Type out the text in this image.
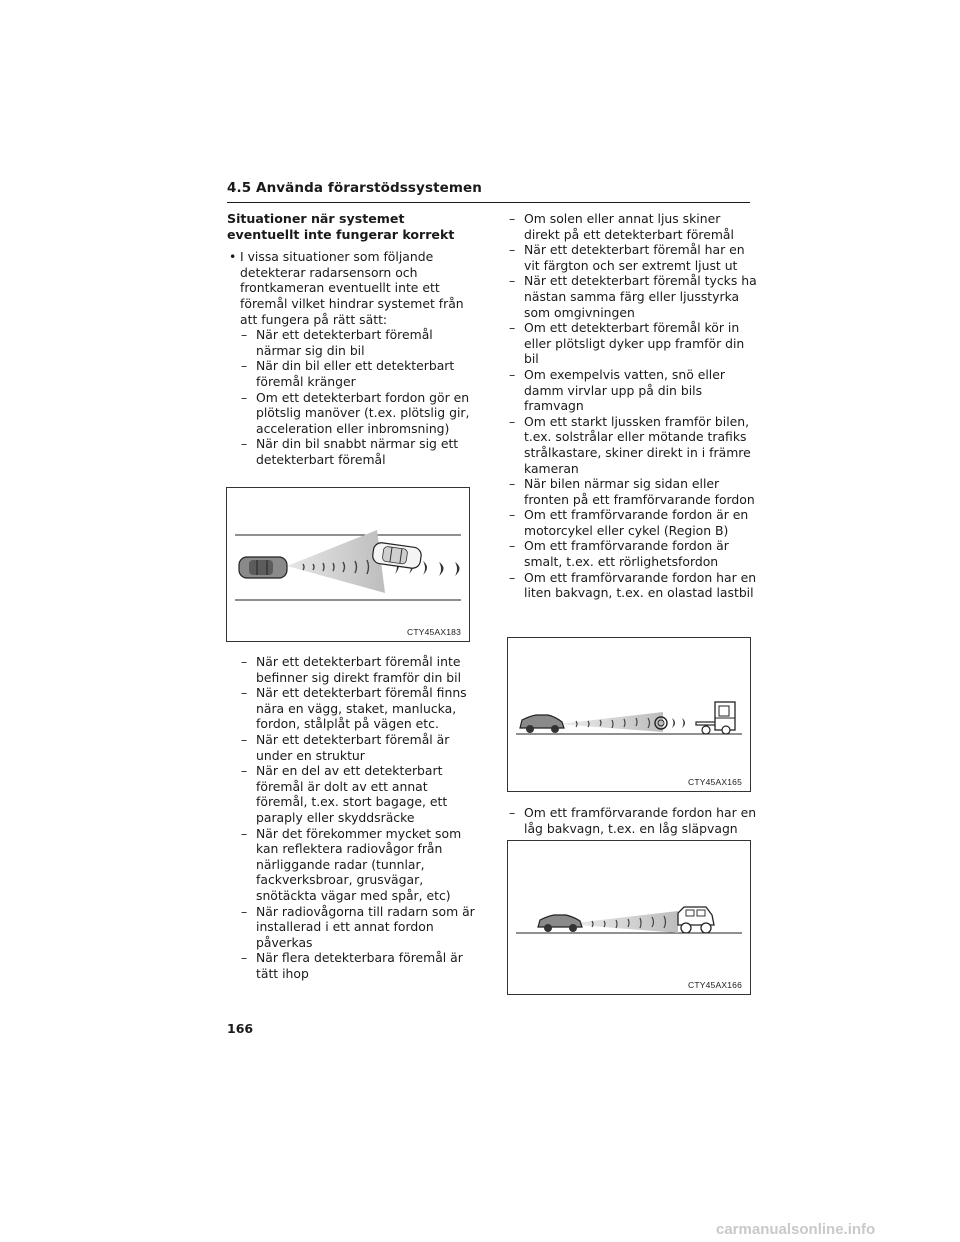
4.5 Använda förarstödssystemen

Situationer när systemet eventuellt inte fungerar korrekt

• I vissa situationer som följande detekterar radarsensorn och frontkameran eventuellt inte ett föremål vilket hindrar systemet från att fungera på rätt sätt:
– När ett detekterbart föremål närmar sig din bil
– När din bil eller ett detekterbart föremål kränger
– Om ett detekterbart fordon gör en plötslig manöver (t.ex. plötslig gir, acceleration eller inbromsning)
– När din bil snabbt närmar sig ett detekterbart föremål
CTY45AX183
– När ett detekterbart föremål inte befinner sig direkt framför din bil
– När ett detekterbart föremål finns nära en vägg, staket, manlucka, fordon, stålplåt på vägen etc.
– När ett detekterbart föremål är under en struktur
– När en del av ett detekterbart föremål är dolt av ett annat föremål, t.ex. stort bagage, ett paraply eller skyddsräcke
– När det förekommer mycket som kan reflektera radiovågor från närliggande radar (tunnlar, fackverksbroar, grusvägar, snötäckta vägar med spår, etc)
– När radiovågorna till radarn som är installerad i ett annat fordon påverkas
– När flera detekterbara föremål är tätt ihop
– Om solen eller annat ljus skiner direkt på ett detekterbart föremål
– När ett detekterbart föremål har en vit färgton och ser extremt ljust ut
– När ett detekterbart föremål tycks ha nästan samma färg eller ljusstyrka som omgivningen
– Om ett detekterbart föremål kör in eller plötsligt dyker upp framför din bil
– Om exempelvis vatten, snö eller damm virvlar upp på din bils framvagn
– Om ett starkt ljussken framför bilen, t.ex. solstrålar eller mötande trafiks strålkastare, skiner direkt in i främre kameran
– När bilen närmar sig sidan eller fronten på ett framförvarande fordon
– Om ett framförvarande fordon är en motorcykel eller cykel (Region B)
– Om ett framförvarande fordon är smalt, t.ex. ett rörlighetsfordon
– Om ett framförvarande fordon har en liten bakvagn, t.ex. en olastad lastbil
CTY45AX165
– Om ett framförvarande fordon har en låg bakvagn, t.ex. en låg släpvagn
CTY45AX166
166
carmanualsonline.info
